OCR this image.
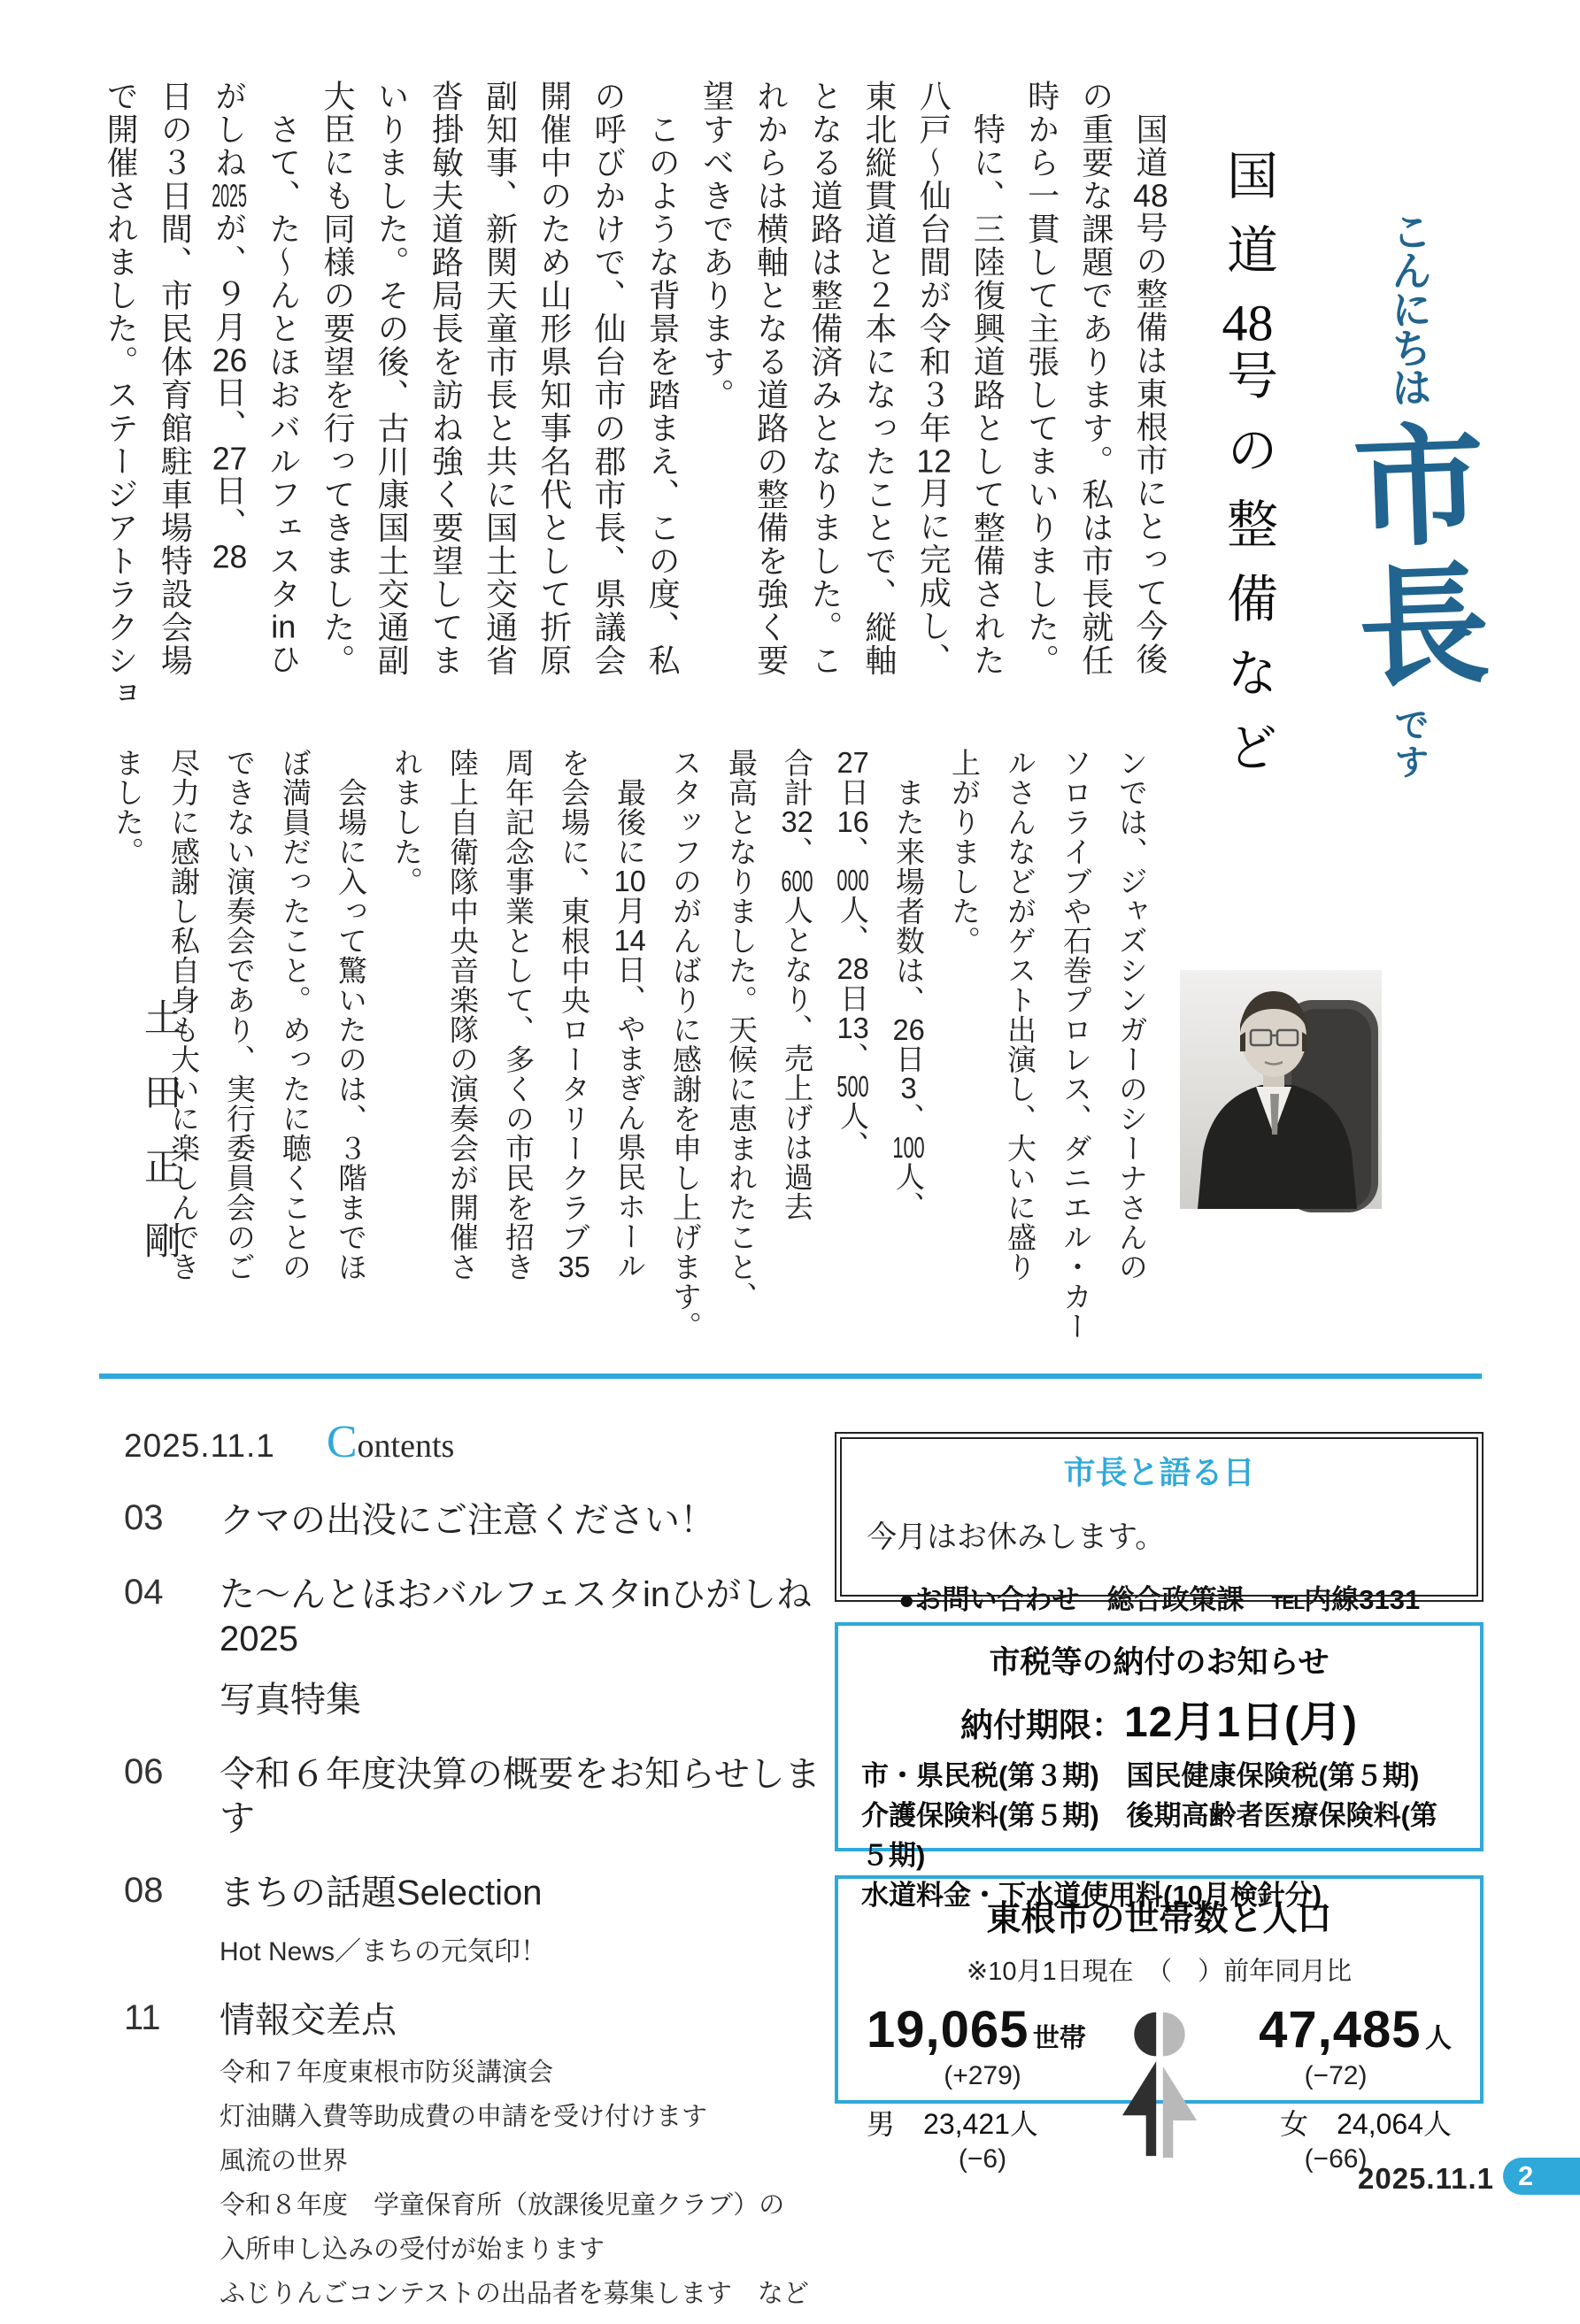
こんにちは
市長
です
国道48号の整備など
　国道48号の整備は東根市にとって今後
の重要な課題であります。私は市長就任
時から一貫して主張してまいりました。
　特に、三陸復興道路として整備された
八戸〜仙台間が令和３年12月に完成し、
東北縦貫道と２本になったことで、縦軸
となる道路は整備済みとなりました。こ
れからは横軸となる道路の整備を強く要
望すべきであります。
　このような背景を踏まえ、この度、私
の呼びかけで、仙台市の郡市長、県議会
開催中のため山形県知事名代として折原
副知事、新関天童市長と共に国土交通省
沓掛敏夫道路局長を訪ね強く要望してま
いりました。その後、古川康国土交通副
大臣にも同様の要望を行ってきました。
　さて、た〜んとほおバルフェスタinひ
がしね2025が、９月26日、27日、28
日の３日間、市民体育館駐車場特設会場
で開催されました。ステージアトラクショ
ンでは、ジャズシンガーのシーナさんの
ソロライブや石巻プロレス、ダニエル・カー
ルさんなどがゲスト出演し、大いに盛り
上がりました。
　また来場者数は、26日3、100人、
27日16、000人、28日13、500人、
合計32、600人となり、売上げは過去
最高となりました。天候に恵まれたこと、
スタッフのがんばりに感謝を申し上げます。
　最後に10月14日、やまぎん県民ホール
を会場に、東根中央ロータリークラブ35
周年記念事業として、多くの市民を招き
陸上自衛隊中央音楽隊の演奏会が開催さ
れました。
　会場に入って驚いたのは、３階までほ
ぼ満員だったこと。めったに聴くことの
できない演奏会であり、実行委員会のご
尽力に感謝し私自身も大いに楽しんでき
ました。
土田正剛
2025.11.1 Contents
03	クマの出没にご注意ください！
04	た〜んとほおバルフェスタinひがしね2025
写真特集
06	令和６年度決算の概要をお知らせします
08	まちの話題Selection
Hot News／まちの元気印！
11	情報交差点
令和７年度東根市防災講演会
灯油購入費等助成費の申請を受け付けます
風流の世界
令和８年度　学童保育所（放課後児童クラブ）の
入所申し込みの受付が始まります
ふじりんごコンテストの出品者を募集します　など
市長と語る日
今月はお休みします。
●お問い合わせ　総合政策課　TEL内線3131
市税等の納付のお知らせ
納付期限：12月1日(月)
市・県民税(第３期)　国民健康保険税(第５期)
介護保険料(第５期)　後期高齢者医療保険料(第５期)
水道料金・下水道使用料(10月検針分)
東根市の世帯数と人口
※10月1日現在　（　）前年同月比
19,065 世帯
(+279)
男　 23,421人
(−6)
47,485 人
(−72)
女　 24,064人
(−66)
2025.11.1 2
